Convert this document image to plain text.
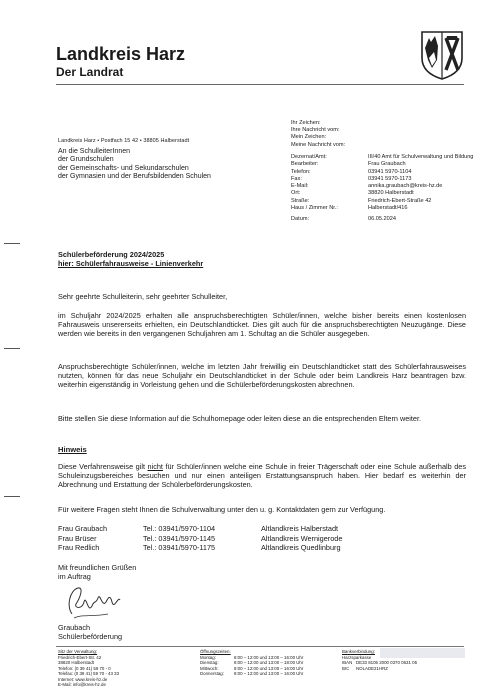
Landkreis Harz
Der Landrat
Landkreis Harz • Postfach 15 42 • 38805 Halberstadt
An die SchulleiterInnen
der Grundschulen
der Gemeinschafts- und Sekundarschulen
der Gymnasien und der Berufsbildenden Schulen
Ihr Zeichen:
Ihre Nachricht vom:
Mein Zeichen:
Meine Nachricht vom:
Dezernat/Amt:	III/40 Amt für Schulverwaltung und Bildung
Bearbeiter:	Frau Graubach
Telefon:	03941 5970-1104
Fax:	03941 5970-1173
E-Mail:	annika.graubach@kreis-hz.de
Ort:	38820 Halberstadt
Straße:	Friedrich-Ebert-Straße 42
Haus / Zimmer Nr.:	Halberstadt/416
Datum:	06.05.2024
Schülerbeförderung 2024/2025
hier: Schülerfahrausweise - Linienverkehr
Sehr geehrte Schulleiterin, sehr geehrter Schulleiter,
im Schuljahr 2024/2025 erhalten alle anspruchsberechtigten Schüler/innen, welche bisher bereits einen kostenlosen Fahrausweis unsererseits erhielten, ein Deutschlandticket. Dies gilt auch für die anspruchsberechtigten Neuzugänge. Diese werden wie bereits in den vergangenen Schuljahren am 1. Schultag an die Schüler ausgegeben.
Anspruchsberechtigte Schüler/innen, welche im letzten Jahr freiwillig ein Deutschlandticket statt des Schülerfahrausweises nutzten, können für das neue Schuljahr ein Deutschlandticket in der Schule oder beim Landkreis Harz beantragen bzw. weiterhin eigenständig in Vorleistung gehen und die Schülerbeförderungskosten abrechnen.
Bitte stellen Sie diese Information auf die Schulhomepage oder leiten diese an die entsprechenden Eltern weiter.
Hinweis
Diese Verfahrensweise gilt nicht für Schüler/innen welche eine Schule in freier Trägerschaft oder eine Schule außerhalb des Schuleinzugsbereiches besuchen und nur einen anteiligen Erstattungsanspruch haben. Hier bedarf es weiterhin der Abrechnung und Erstattung der Schülerbeförderungskosten.
Für weitere Fragen steht Ihnen die Schulverwaltung unter den u. g. Kontaktdaten gern zur Verfügung.
Frau Graubach	Tel.: 03941/5970-1104	Altlandkreis Halberstadt
Frau Brüser	Tel.: 03941/5970-1145	Altlandkreis Wernigerode
Frau Redlich	Tel.: 03941/5970-1175	Altlandkreis Quedlinburg
Mit freundlichen Grüßen
im Auftrag
Graubach
Schülerbeförderung
Sitz der Verwaltung:
Friedrich-Ebert-Str. 42
38820 Halberstadt
Telefon: (0 39 41) 59 70 - 0
Telefax: (0 39 41) 59 70 - 43 33
Internet: www.kreis-hz.de
E-Mail: info@kreis-hz.de
Öffnungszeiten:
Montag:	8:00 – 12:00 und 13:00 – 16:00 Uhr
Dienstag:	8:00 – 12:00 und 13:00 – 18:00 Uhr
Mittwoch:	8:00 – 12:00 und 13:00 – 16:00 Uhr
Donnerstag:	8:00 – 12:00 und 13:00 – 16:00 Uhr
Bankverbindung:
Harzsparkasse
IBAN DE33 8105 2000 0370 0631 05
BIC	NOLADE21HRZ
